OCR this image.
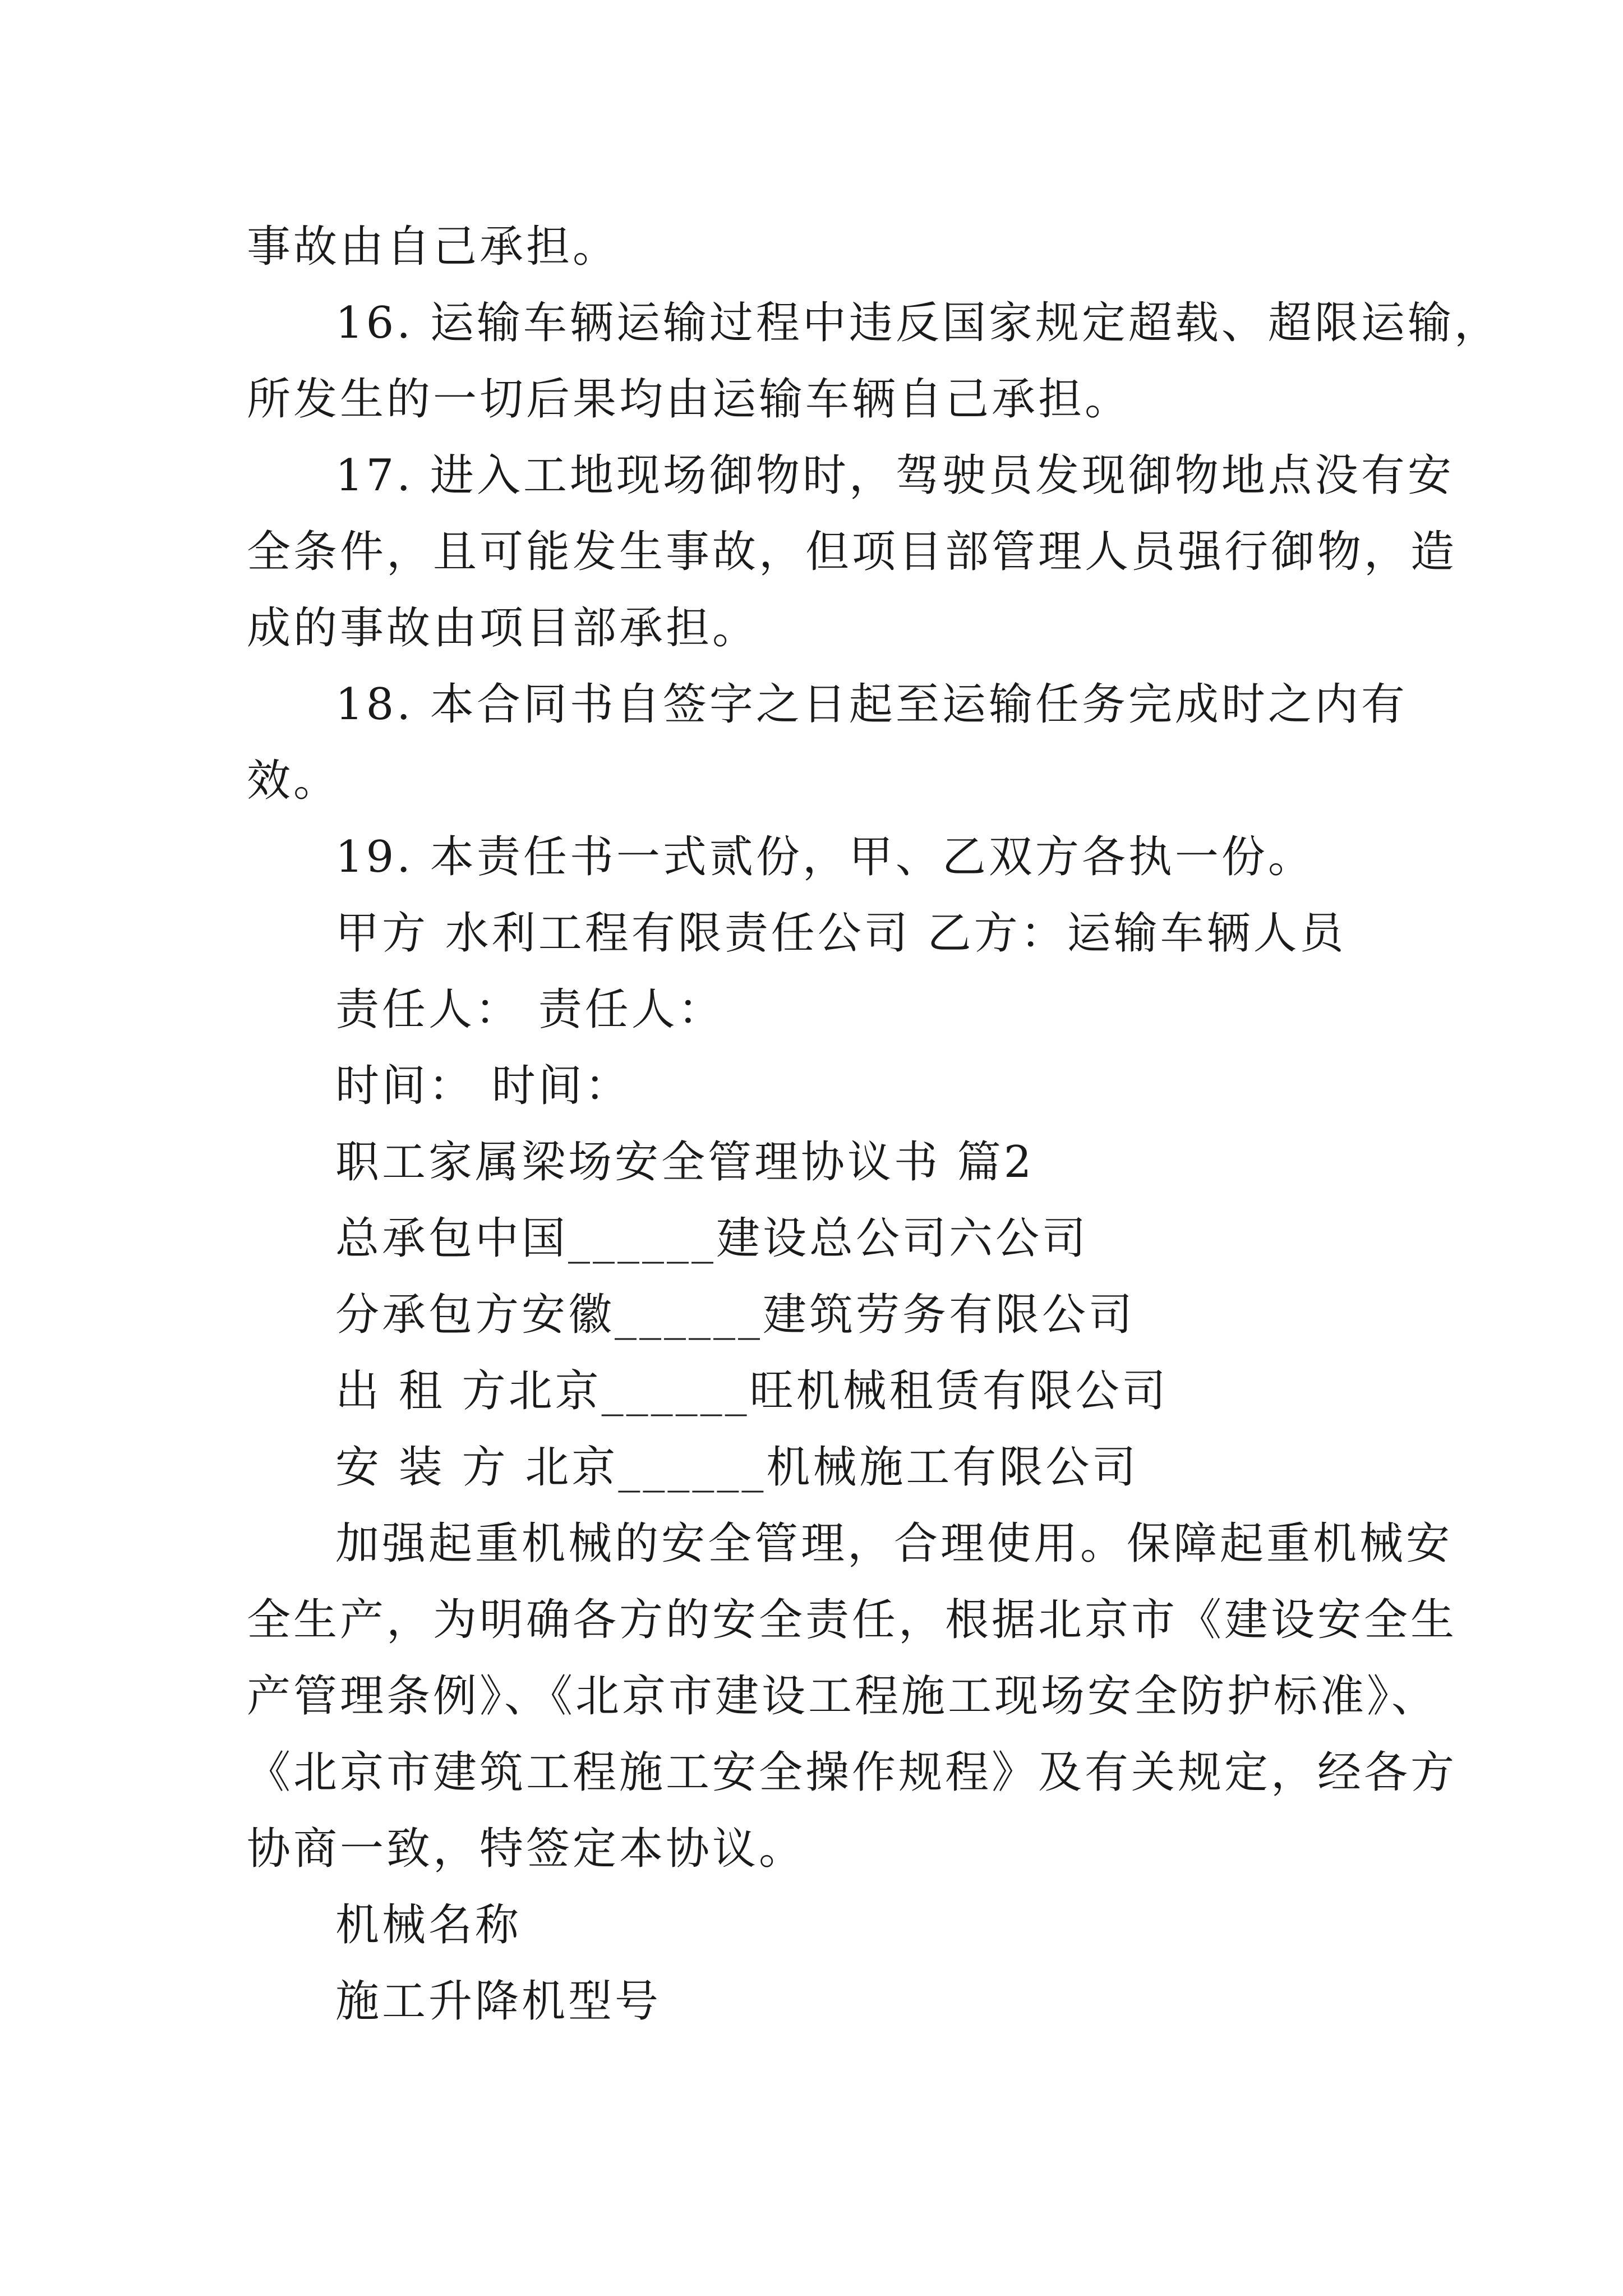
事故由自己承担。
16. 运输车辆运输过程中违反国家规定超载、超限运输，
所发生的一切后果均由运输车辆自己承担。
17. 进入工地现场御物时，驾驶员发现御物地点没有安
全条件，且可能发生事故，但项目部管理人员强行御物，造
成的事故由项目部承担。
18. 本合同书自签字之日起至运输任务完成时之内有
效。
19. 本责任书一式贰份，甲、乙双方各执一份。
甲方 水利工程有限责任公司 乙方：运输车辆人员
责任人： 责任人：
时间： 时间：
职工家属梁场安全管理协议书 篇2
总承包中国______建设总公司六公司
分承包方安徽______建筑劳务有限公司
出 租 方北京______旺机械租赁有限公司
安 装 方 北京______机械施工有限公司
加强起重机械的安全管理，合理使用。保障起重机械安
全生产，为明确各方的安全责任，根据北京市《建设安全生
产管理条例》、《北京市建设工程施工现场安全防护标准》、
《北京市建筑工程施工安全操作规程》及有关规定，经各方
协商一致，特签定本协议。
机械名称
施工升降机型号
